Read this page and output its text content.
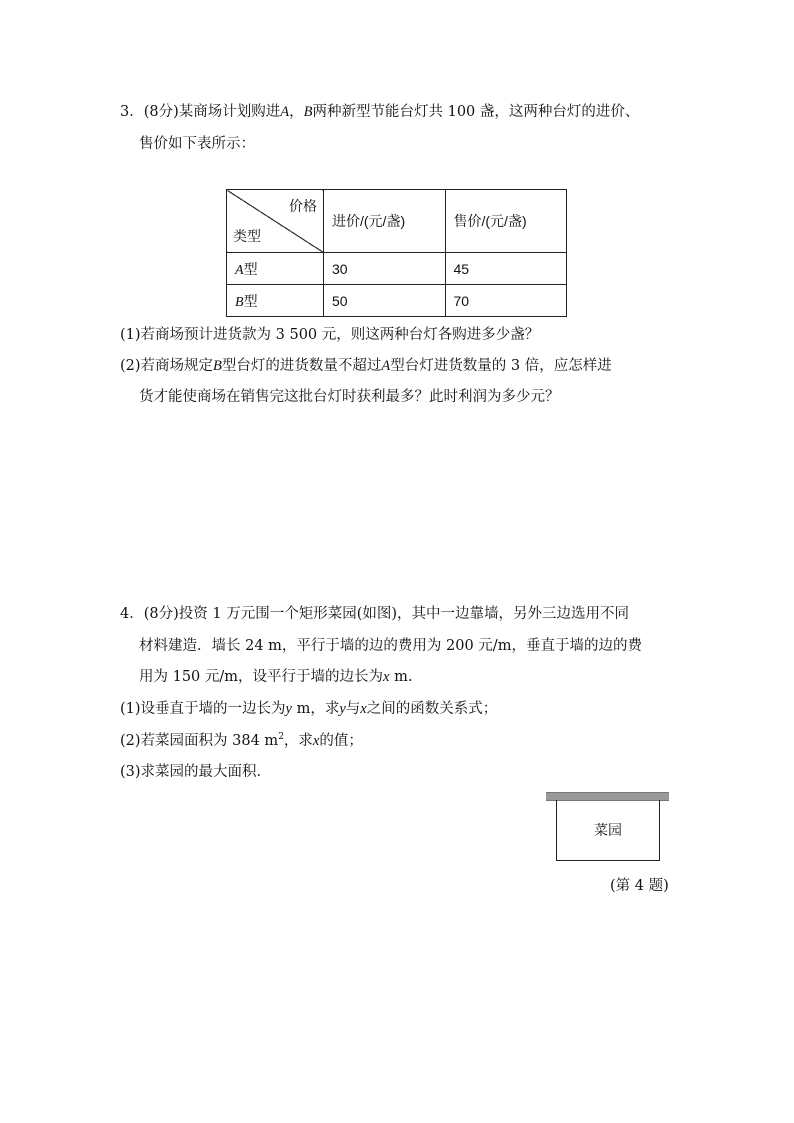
3．(8分)某商场计划购进A，B两种新型节能台灯共 100 盏，这两种台灯的进价、
售价如下表所示：
价格
类型	进价/(元/盏)	售价/(元/盏)
A型	30	45
B型	50	70
(1)若商场预计进货款为 3 500 元，则这两种台灯各购进多少盏？
(2)若商场规定B型台灯的进货数量不超过A型台灯进货数量的 3 倍，应怎样进
货才能使商场在销售完这批台灯时获利最多？此时利润为多少元？
4．(8分)投资 1 万元围一个矩形菜园(如图)，其中一边靠墙，另外三边选用不同
材料建造．墙长 24 m，平行于墙的边的费用为 200 元/m，垂直于墙的边的费
用为 150 元/m，设平行于墙的边长为x m.
(1)设垂直于墙的一边长为y m，求y与x之间的函数关系式；
(2)若菜园面积为 384 $m^2$，求x的值；
(3)求菜园的最大面积．
菜园
(第 4 题)
